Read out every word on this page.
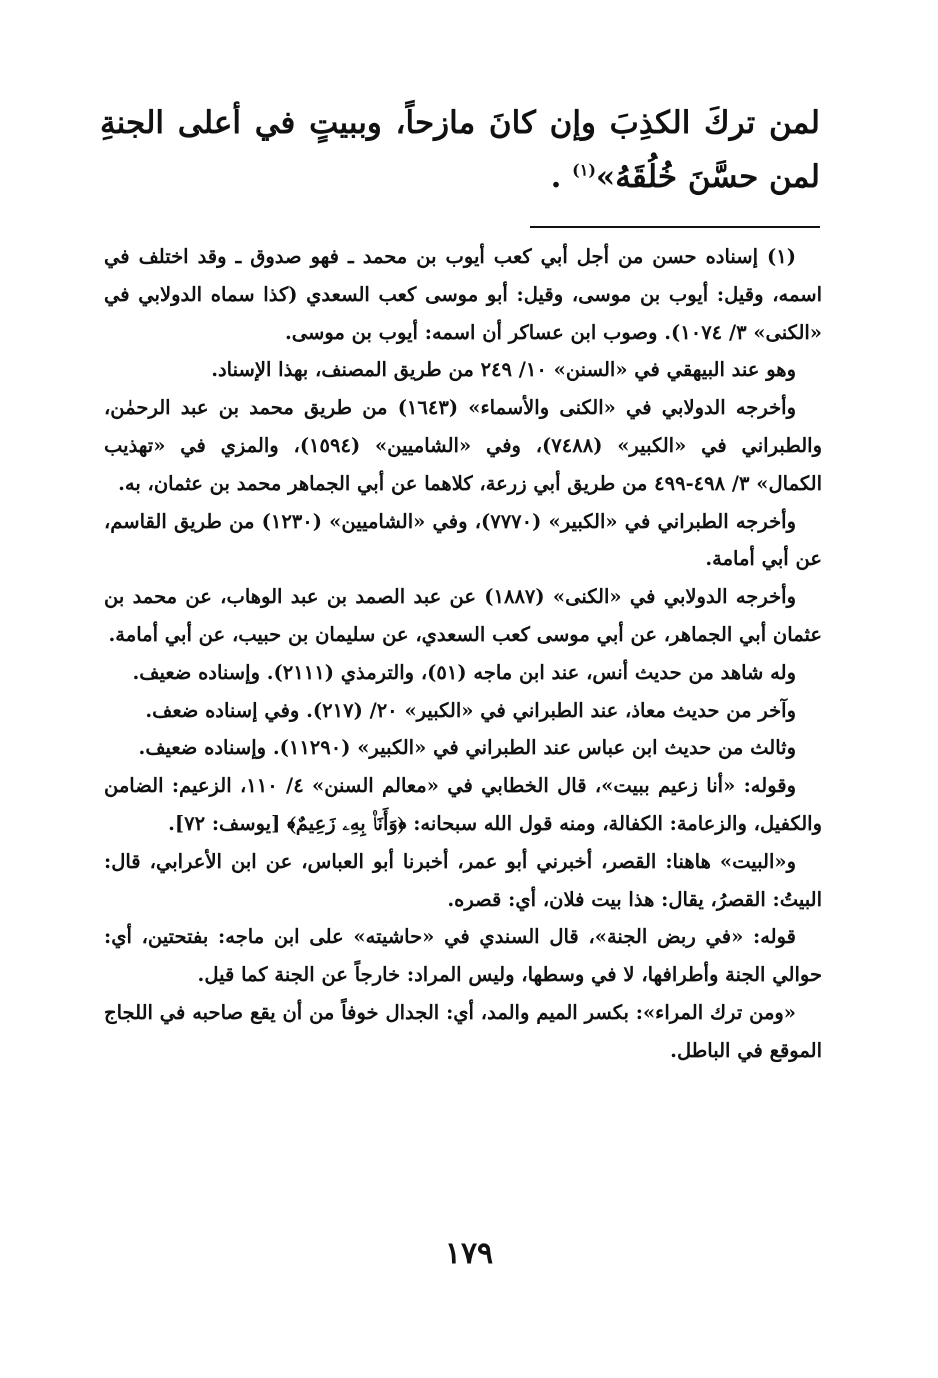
لمن تركَ الكذِبَ وإن كانَ مازحاً، وببيتٍ في أعلى الجنةِ لمن حسَّنَ خُلُقَهُ»$^{(١)}$ .

(١) إسناده حسن من أجل أبي كعب أيوب بن محمد ـ فهو صدوق ـ وقد اختلف في اسمه، وقيل: أيوب بن موسى، وقيل: أبو موسى كعب السعدي (كذا سماه الدولابي في «الكنى» ٣/ ١٠٧٤). وصوب ابن عساكر أن اسمه: أيوب بن موسى.

وهو عند البيهقي في «السنن» ١٠/ ٢٤٩ من طريق المصنف، بهذا الإسناد.

وأخرجه الدولابي في «الكنى والأسماء» (١٦٤٣) من طريق محمد بن عبد الرحمٰن، والطبراني في «الكبير» (٧٤٨٨)، وفي «الشاميين» (١٥٩٤)، والمزي في «تهذيب الكمال» ٣/ ٤٩٨-٤٩٩ من طريق أبي زرعة، كلاهما عن أبي الجماهر محمد بن عثمان، به.

وأخرجه الطبراني في «الكبير» (٧٧٧٠)، وفي «الشاميين» (١٢٣٠) من طريق القاسم، عن أبي أمامة.

وأخرجه الدولابي في «الكنى» (١٨٨٧) عن عبد الصمد بن عبد الوهاب، عن محمد بن عثمان أبي الجماهر، عن أبي موسى كعب السعدي، عن سليمان بن حبيب، عن أبي أمامة.

وله شاهد من حديث أنس، عند ابن ماجه (٥١)، والترمذي (٢١١١). وإسناده ضعيف.

وآخر من حديث معاذ، عند الطبراني في «الكبير» ٢٠/ (٢١٧). وفي إسناده ضعف.

وثالث من حديث ابن عباس عند الطبراني في «الكبير» (١١٢٩٠). وإسناده ضعيف.

وقوله: «أنا زعيم ببيت»، قال الخطابي في «معالم السنن» ٤/ ١١٠، الزعيم: الضامن والكفيل، والزعامة: الكفالة، ومنه قول الله سبحانه: ﴿وَأَنَا۠ بِهِۦ زَعِيمٌ﴾ [يوسف: ٧٢].

و«البيت» هاهنا: القصر، أخبرني أبو عمر، أخبرنا أبو العباس، عن ابن الأعرابي، قال: البيتُ: القصرُ، يقال: هذا بيت فلان، أي: قصره.

قوله: «في ربض الجنة»، قال السندي في «حاشيته» على ابن ماجه: بفتحتين، أي: حوالي الجنة وأطرافها، لا في وسطها، وليس المراد: خارجاً عن الجنة كما قيل.

«ومن ترك المراء»: بكسر الميم والمد، أي: الجدال خوفاً من أن يقع صاحبه في اللجاج الموقع في الباطل.

١٧٩
